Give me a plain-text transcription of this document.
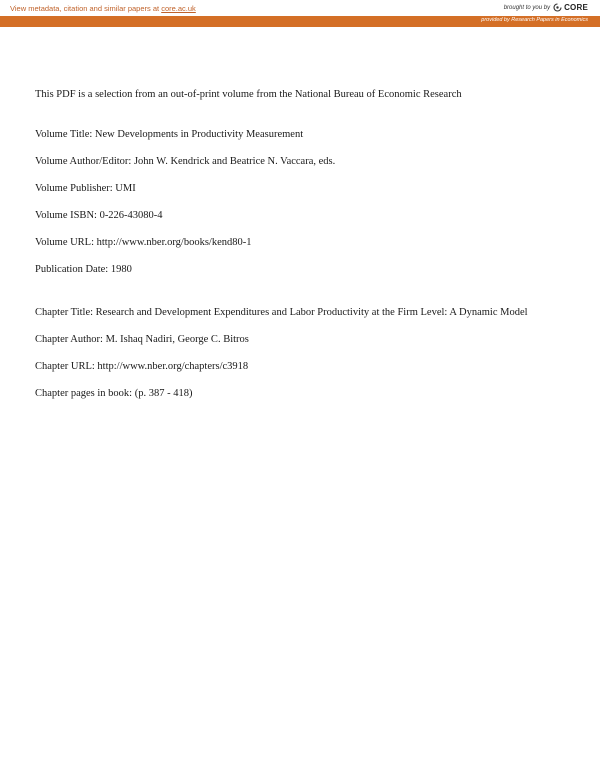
View metadata, citation and similar papers at core.ac.uk	brought to you by CORE
provided by Research Papers in Economics
This PDF is a selection from an out-of-print volume from the National Bureau of Economic Research
Volume Title: New Developments in Productivity Measurement
Volume Author/Editor: John W. Kendrick and Beatrice N. Vaccara, eds.
Volume Publisher: UMI
Volume ISBN: 0-226-43080-4
Volume URL: http://www.nber.org/books/kend80-1
Publication Date: 1980
Chapter Title: Research and Development Expenditures and Labor Productivity at the Firm Level: A Dynamic Model
Chapter Author: M. Ishaq Nadiri, George C. Bitros
Chapter URL: http://www.nber.org/chapters/c3918
Chapter pages in book: (p. 387 - 418)
